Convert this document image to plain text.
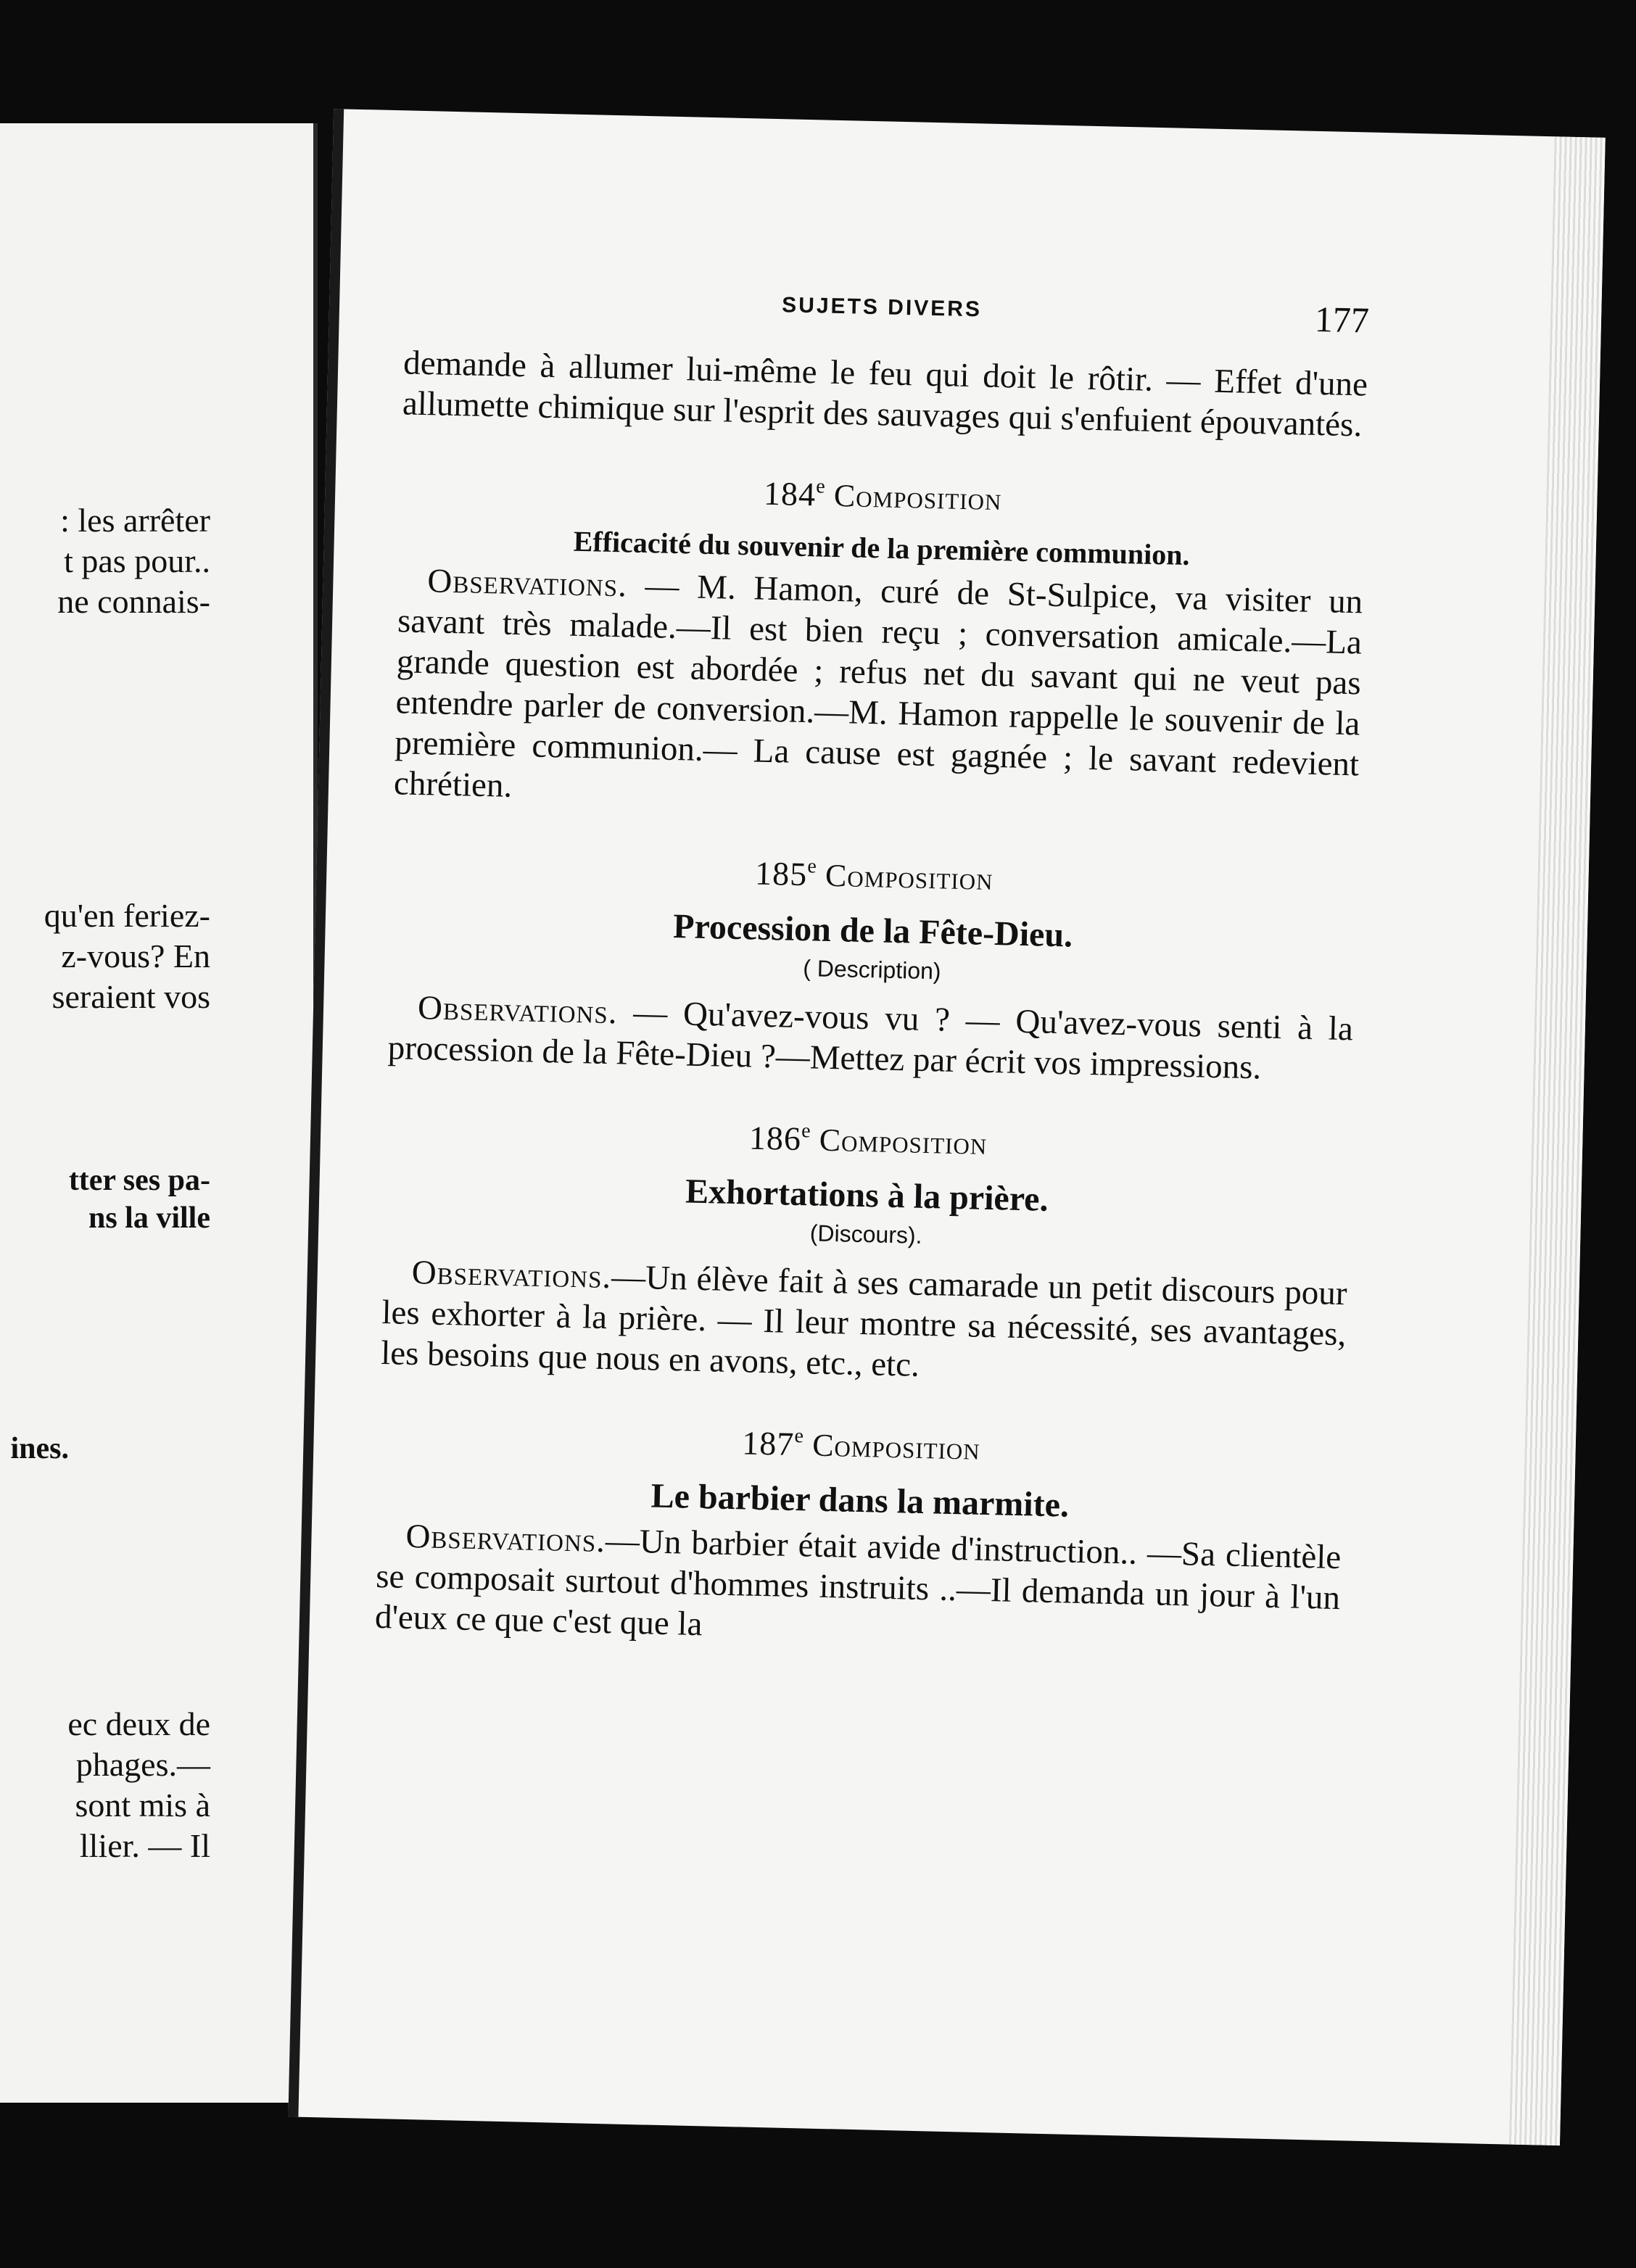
: les arrêter
t pas pour..
ne connais-
qu'en feriez-
z-vous? En
seraient vos
tter ses pa-
ns la ville
ines.
ec deux de
phages.—
sont mis à
llier. — Il
SUJETS DIVERS	177

demande à allumer lui-même le feu qui doit le rôtir. — Effet d'une allumette chimique sur l'esprit des sauvages qui s'enfuient épouvantés.

184e Composition
Efficacité du souvenir de la première communion.

Observations. — M. Hamon, curé de St-Sulpice, va visiter un savant très malade.—Il est bien reçu ; conversation amicale.—La grande question est abordée ; refus net du savant qui ne veut pas entendre parler de conversion.—M. Hamon rappelle le souvenir de la première communion.— La cause est gagnée ; le savant redevient chrétien.

185e Composition
Procession de la Fête-Dieu.
( Description)

Observations. — Qu'avez-vous vu ? — Qu'avez-vous senti à la procession de la Fête-Dieu ?—Mettez par écrit vos impressions.

186e Composition
Exhortations à la prière.
(Discours).

Observations.—Un élève fait à ses camarade un petit discours pour les exhorter à la prière. — Il leur montre sa nécessité, ses avantages, les besoins que nous en avons, etc., etc.

187e Composition
Le barbier dans la marmite.

Observations.—Un barbier était avide d'instruction.. —Sa clientèle se composait surtout d'hommes instruits ..—Il demanda un jour à l'un d'eux ce que c'est que la
